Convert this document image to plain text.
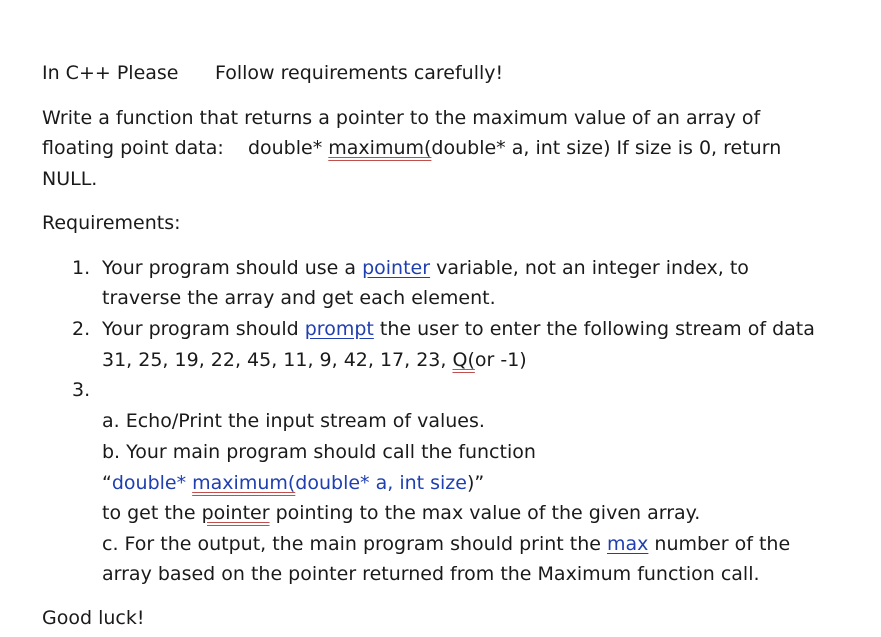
In C++ Please Follow requirements carefully!
Write a function that returns a pointer to the maximum value of an array of
floating point data:    double* maximum(double* a, int size) If size is 0, return
NULL.
Requirements:
1. Your program should use a pointer variable, not an integer index, to
traverse the array and get each element.
2. Your program should prompt the user to enter the following stream of data
31, 25, 19, 22, 45, 11, 9, 42, 17, 23, Q(or -1)
3.
a. Echo/Print the input stream of values.
b. Your main program should call the function
“double* maximum(double* a, int size)”
to get the pointer pointing to the max value of the given array.
c. For the output, the main program should print the max number of the
array based on the pointer returned from the Maximum function call.
Good luck!
